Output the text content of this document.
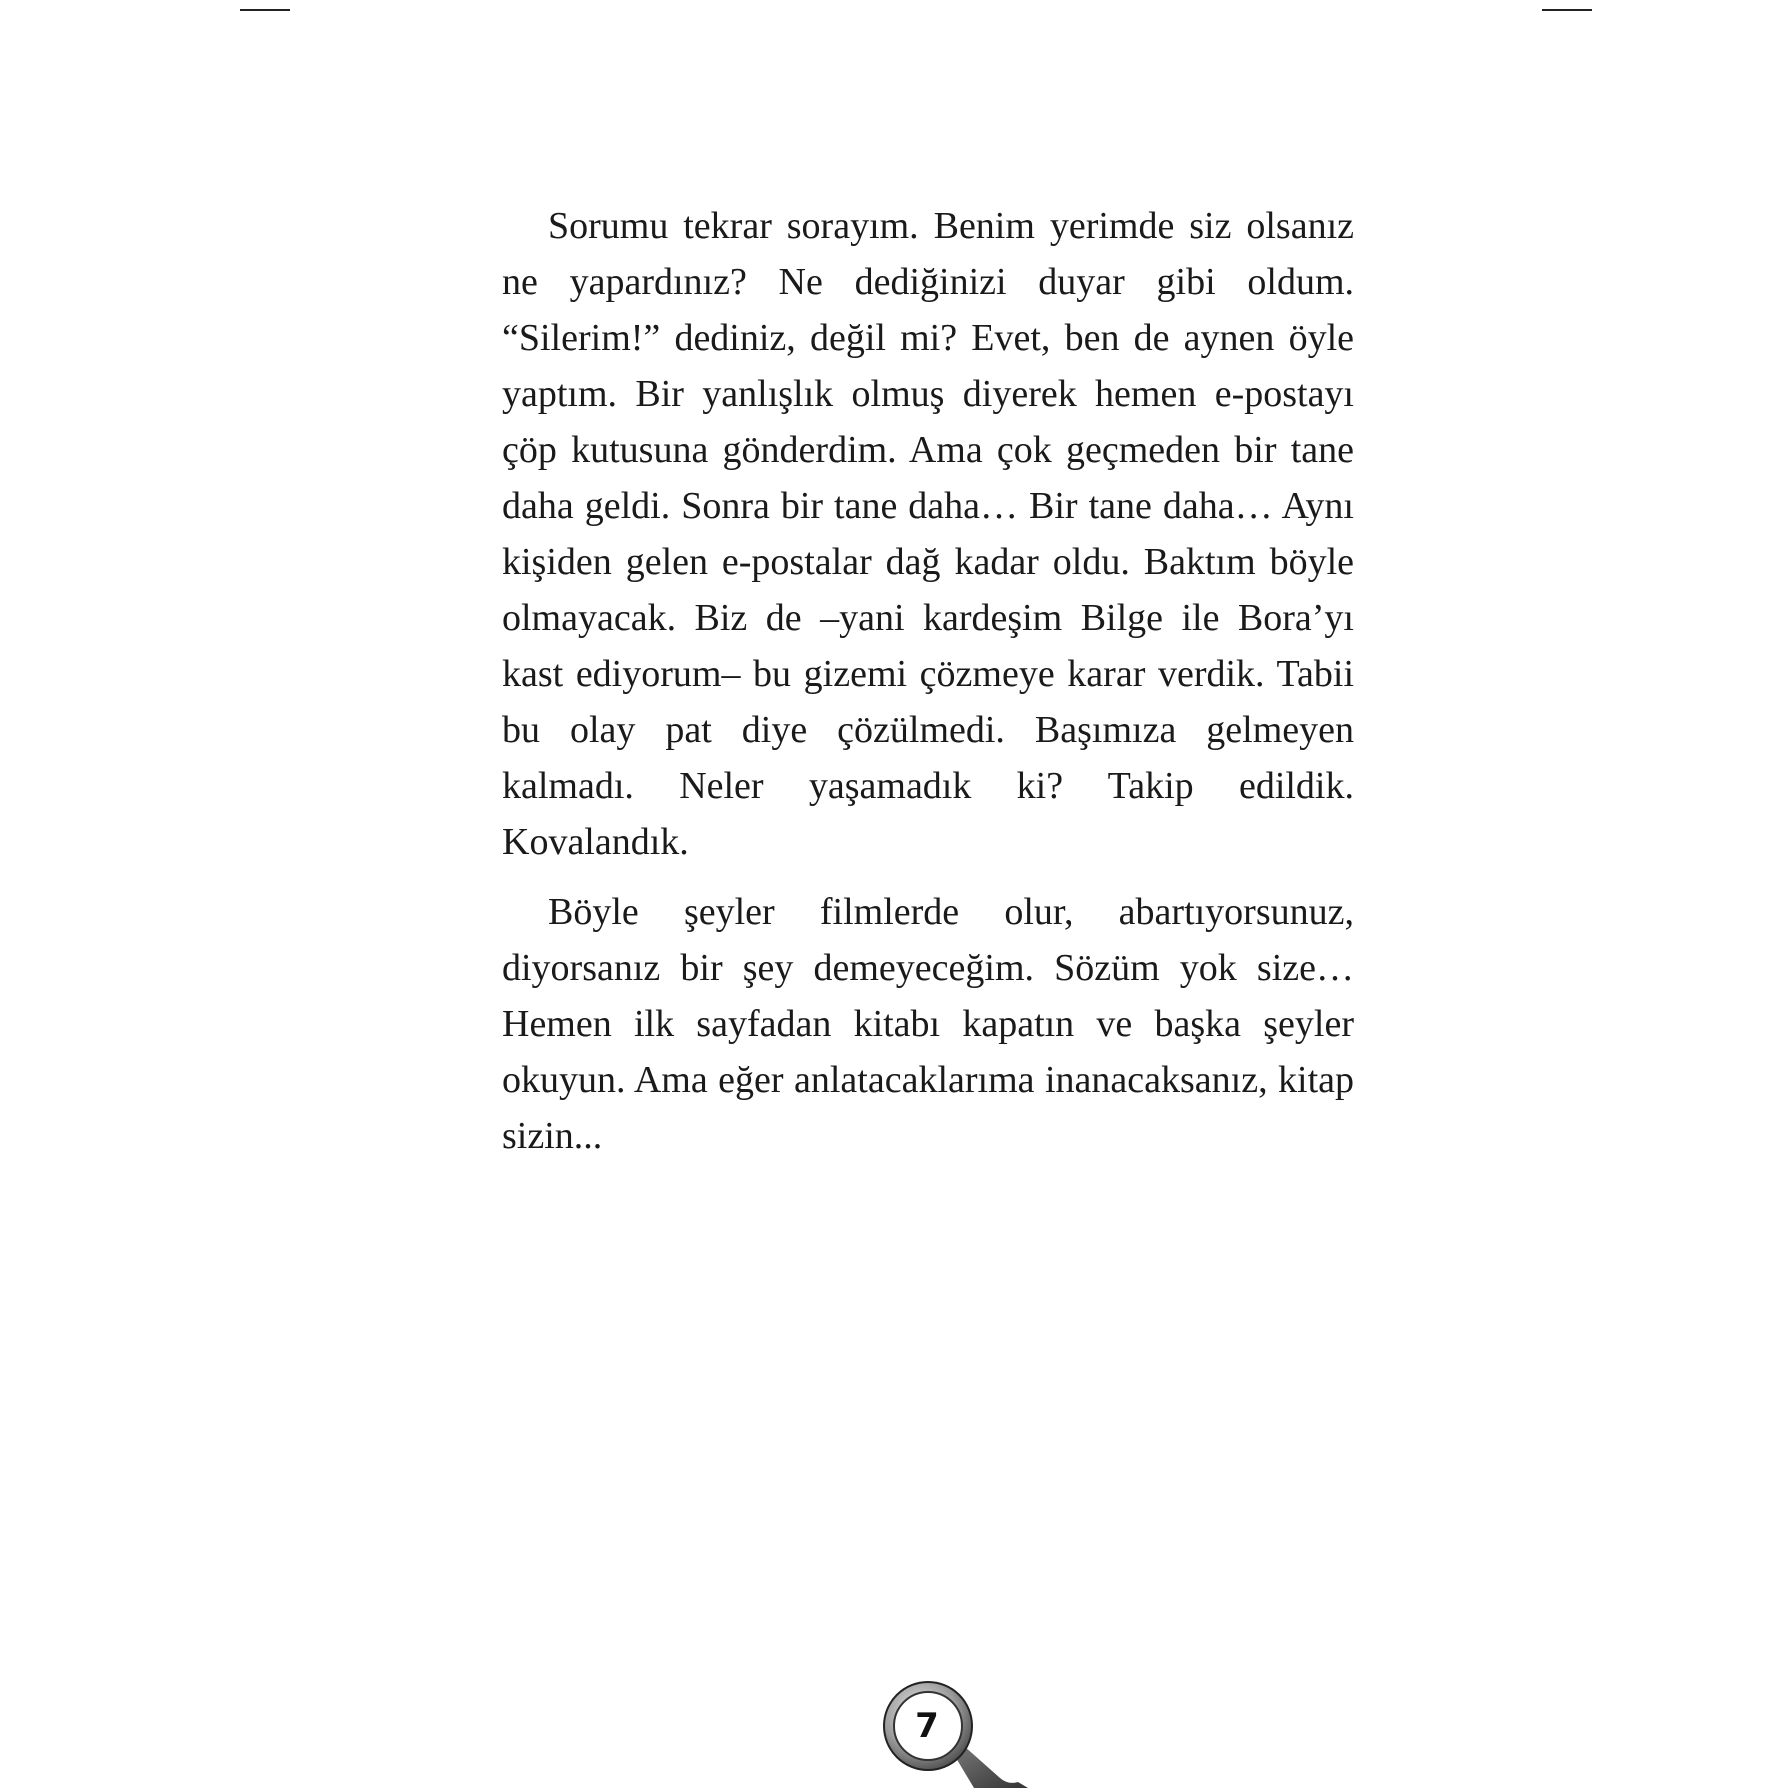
Sorumu tekrar sorayım. Benim yerimde siz olsanız ne yapardınız? Ne dediğinizi duyar gibi oldum. “Silerim!” dediniz, değil mi? Evet, ben de aynen öyle yaptım. Bir yanlışlık olmuş diyerek hemen e-postayı çöp kutusuna gönderdim. Ama çok geçmeden bir tane daha geldi. Sonra bir tane daha… Bir tane daha… Aynı kişiden gelen e-postalar dağ kadar oldu. Baktım böyle olmayacak. Biz de –yani kardeşim Bilge ile Bora’yı kast ediyorum– bu gizemi çözmeye karar verdik. Tabii bu olay pat diye çözülmedi. Başımıza gelmeyen kalmadı. Neler yaşamadık ki? Takip edildik. Kovalandık.

Böyle şeyler filmlerde olur, abartıyorsunuz, diyorsanız bir şey demeyeceğim. Sözüm yok size… Hemen ilk sayfadan kitabı kapatın ve başka şeyler okuyun. Ama eğer anlatacaklarıma inanacaksanız, kitap sizin...

7
